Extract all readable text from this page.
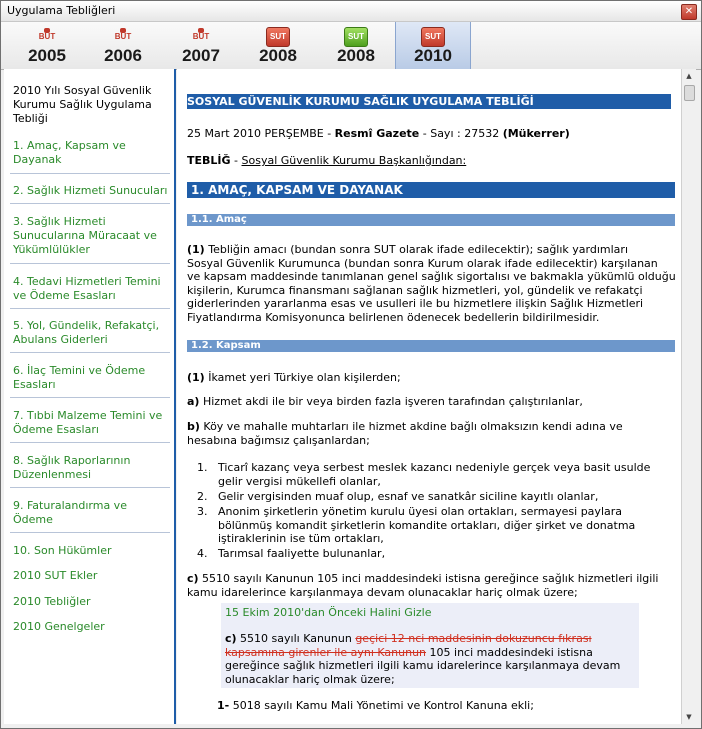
Uygulama Tebliğleri	✕
BÜT
2005
BÜT
2006
BÜT
2007
SUT
2008
SUT
2008
SUT
2010
2010 Yılı Sosyal Güvenlik Kurumu Sağlık Uygulama Tebliği
1. Amaç, Kapsam ve Dayanak
2. Sağlık Hizmeti Sunucuları
3. Sağlık Hizmeti Sunucularına Müracaat ve Yükümlülükler
4. Tedavi Hizmetleri Temini ve Ödeme Esasları
5. Yol, Gündelik, Refakatçi, Abulans Giderleri
6. İlaç Temini ve Ödeme Esasları
7. Tıbbi Malzeme Temini ve Ödeme Esasları
8. Sağlık Raporlarının Düzenlenmesi
9. Faturalandırma ve Ödeme
10. Son Hükümler
2010 SUT Ekler
2010 Tebliğler
2010 Genelgeler
SOSYAL GÜVENLİK KURUMU SAĞLIK UYGULAMA TEBLİĞİ
25 Mart 2010 PERŞEMBE - Resmî Gazete - Sayı : 27532 (Mükerrer)
TEBLİĞ - Sosyal Güvenlik Kurumu Başkanlığından:
1. AMAÇ, KAPSAM VE DAYANAK
1.1. Amaç
(1) Tebliğin amacı (bundan sonra SUT olarak ifade edilecektir); sağlık yardımları
Sosyal Güvenlik Kurumunca (bundan sonra Kurum olarak ifade edilecektir) karşılanan
ve kapsam maddesinde tanımlanan genel sağlık sigortalısı ve bakmakla yükümlü olduğu
kişilerin, Kurumca finansmanı sağlanan sağlık hizmetleri, yol, gündelik ve refakatçi
giderlerinden yararlanma esas ve usulleri ile bu hizmetlere ilişkin Sağlık Hizmetleri
Fiyatlandırma Komisyonunca belirlenen ödenecek bedellerin bildirilmesidir.
1.2. Kapsam
(1) İkamet yeri Türkiye olan kişilerden;
a) Hizmet akdi ile bir veya birden fazla işveren tarafından çalıştırılanlar,
b) Köy ve mahalle muhtarları ile hizmet akdine bağlı olmaksızın kendi adına ve
hesabına bağımsız çalışanlardan;
1. Ticarî kazanç veya serbest meslek kazancı nedeniyle gerçek veya basit usulde
gelir vergisi mükellefi olanlar,
2. Gelir vergisinden muaf olup, esnaf ve sanatkâr siciline kayıtlı olanlar,
3. Anonim şirketlerin yönetim kurulu üyesi olan ortakları, sermayesi paylara
bölünmüş komandit şirketlerin komandite ortakları, diğer şirket ve donatma
iştiraklerinin ise tüm ortakları,
4. Tarımsal faaliyette bulunanlar,
c) 5510 sayılı Kanunun 105 inci maddesindeki istisna gereğince sağlık hizmetleri ilgili
kamu idarelerince karşılanmaya devam olunacaklar hariç olmak üzere;
15 Ekim 2010'dan Önceki Halini Gizle
c) 5510 sayılı Kanunun geçici 12 nci maddesinin dokuzuncu fıkrası
kapsamına girenler ile aynı Kanunun 105 inci maddesindeki istisna
gereğince sağlık hizmetleri ilgili kamu idarelerince karşılanmaya devam
olunacaklar hariç olmak üzere;
1- 5018 sayılı Kamu Mali Yönetimi ve Kontrol Kanuna ekli;
▲
▼
